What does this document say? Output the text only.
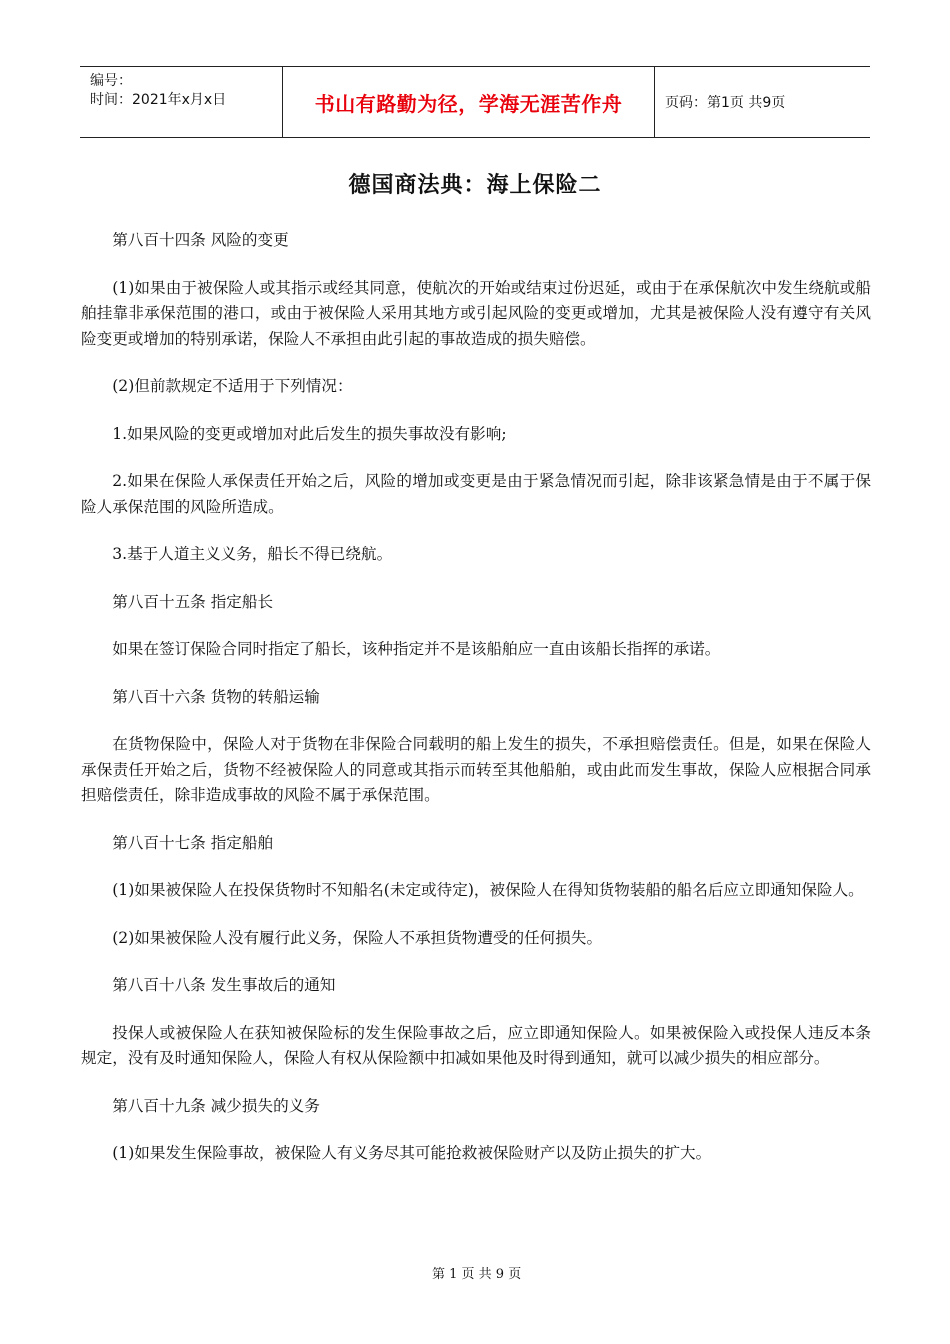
编号：
时间：2021年x月x日	书山有路勤为径，学海无涯苦作舟	页码：第1页 共9页
德国商法典：海上保险二

第八百十四条 风险的变更

(1)如果由于被保险人或其指示或经其同意，使航次的开始或结束过份迟延，或由于在承保航次中发生绕航或船舶挂靠非承保范围的港口，或由于被保险人采用其地方或引起风险的变更或增加，尤其是被保险人没有遵守有关风险变更或增加的特别承诺，保险人不承担由此引起的事故造成的损失赔偿。

(2)但前款规定不适用于下列情况：

1.如果风险的变更或增加对此后发生的损失事故没有影响;

2.如果在保险人承保责任开始之后，风险的增加或变更是由于紧急情况而引起，除非该紧急情是由于不属于保险人承保范围的风险所造成。

3.基于人道主义义务，船长不得已绕航。

第八百十五条 指定船长

如果在签订保险合同时指定了船长，该种指定并不是该船舶应一直由该船长指挥的承诺。

第八百十六条 货物的转船运输

在货物保险中，保险人对于货物在非保险合同载明的船上发生的损失，不承担赔偿责任。但是，如果在保险人承保责任开始之后，货物不经被保险人的同意或其指示而转至其他船舶，或由此而发生事故，保险人应根据合同承担赔偿责任，除非造成事故的风险不属于承保范围。

第八百十七条 指定船舶

(1)如果被保险人在投保货物时不知船名(未定或待定)，被保险人在得知货物装船的船名后应立即通知保险人。

(2)如果被保险人没有履行此义务，保险人不承担货物遭受的任何损失。

第八百十八条 发生事故后的通知

投保人或被保险人在获知被保险标的发生保险事故之后，应立即通知保险人。如果被保险入或投保人违反本条规定，没有及时通知保险人，保险人有权从保险额中扣减如果他及时得到通知，就可以减少损失的相应部分。

第八百十九条 减少损失的义务

(1)如果发生保险事故，被保险人有义务尽其可能抢救被保险财产以及防止损失的扩大。

第 1 页 共 9 页
